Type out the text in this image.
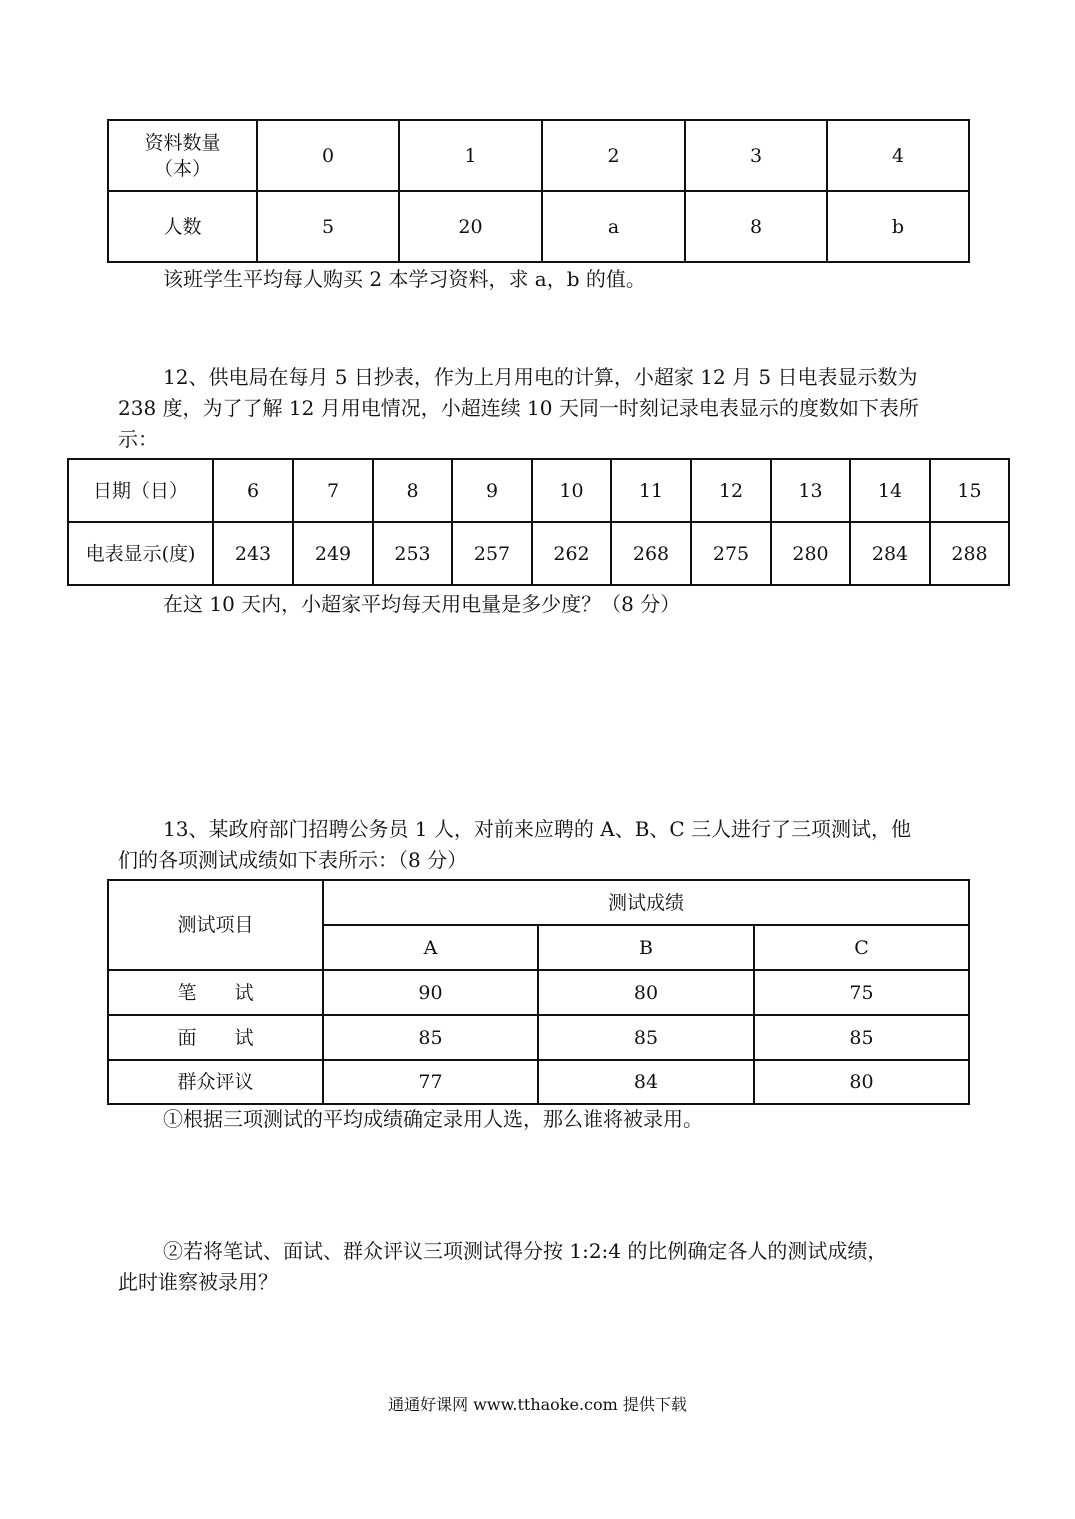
资料数量
（本）	0	1	2	3	4
人数	5	20	a	8	b
该班学生平均每人购买 2 本学习资料，求 a，b 的值。
12、供电局在每月 5 日抄表，作为上月用电的计算，小超家 12 月 5 日电表显示数为
238 度，为了了解 12 月用电情况，小超连续 10 天同一时刻记录电表显示的度数如下表所
示：
日期（日）	6	7	8	9	10	11	12	13	14	15
电表显示(度)	243	249	253	257	262	268	275	280	284	288
在这 10 天内，小超家平均每天用电量是多少度？（8 分）
13、某政府部门招聘公务员 1 人，对前来应聘的 A、B、C 三人进行了三项测试，他
们的各项测试成绩如下表所示：（8 分）
测试项目	测试成绩		
	A	B	C
笔　　试	90	80	75
面　　试	85	85	85
群众评议	77	84	80
①根据三项测试的平均成绩确定录用人选，那么谁将被录用。
②若将笔试、面试、群众评议三项测试得分按 1:2:4 的比例确定各人的测试成绩，
此时谁察被录用？
通通好课网 www.tthaoke.com 提供下载
